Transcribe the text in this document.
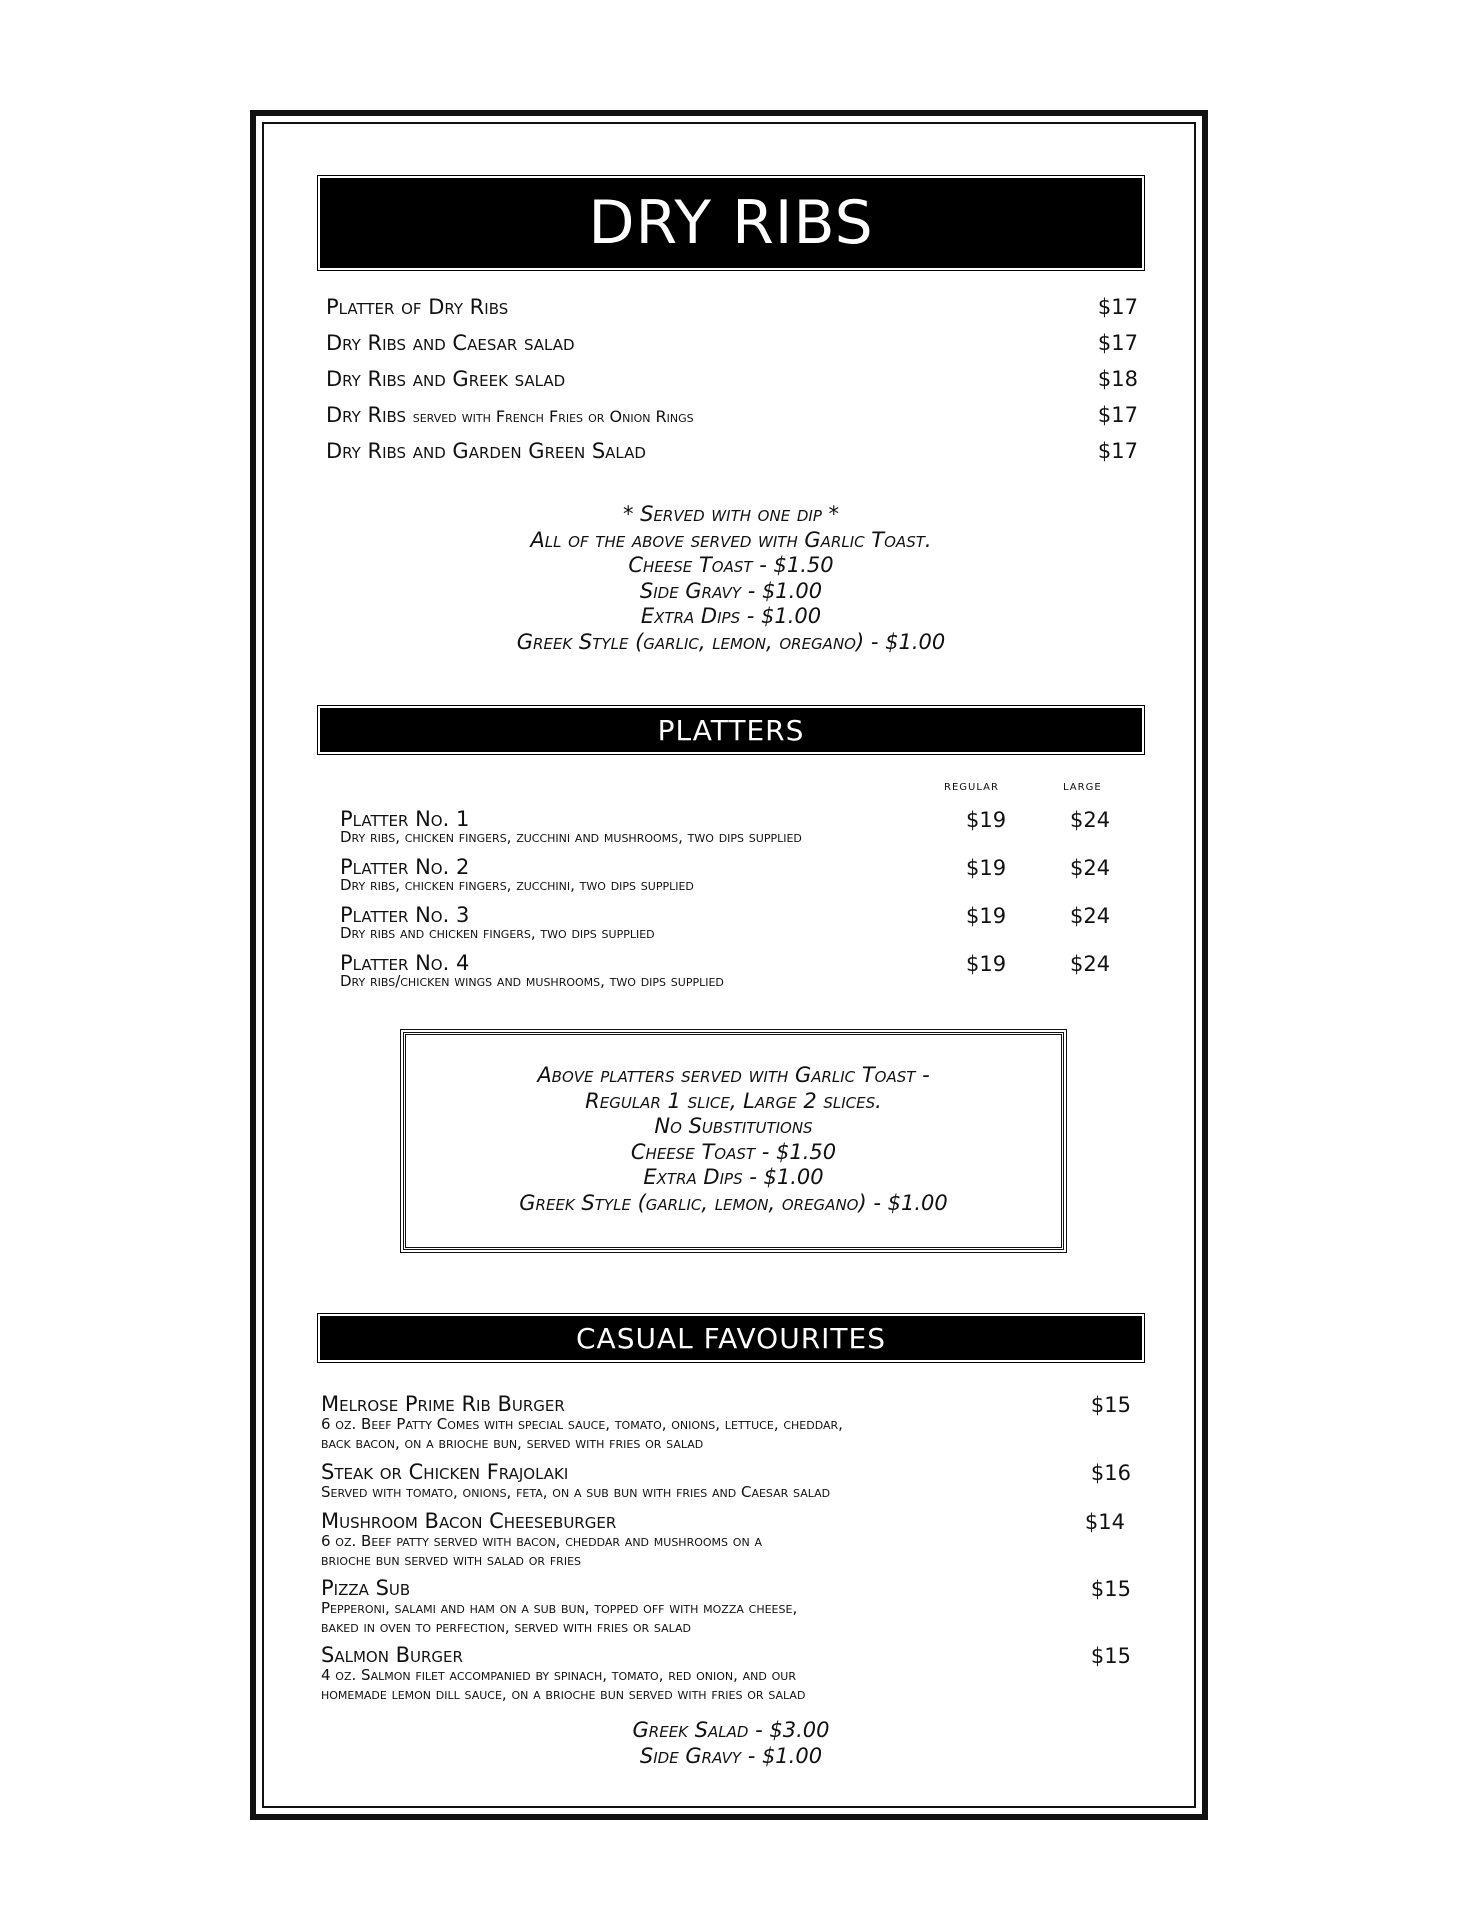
DRY RIBS
Platter of Dry Ribs	$17
Dry Ribs and Caesar salad	$17
Dry Ribs and Greek salad	$18
Dry Ribs served with French Fries or Onion Rings	$17
Dry Ribs and Garden Green Salad	$17
* Served with one dip *
All of the above served with Garlic Toast.
Cheese Toast - $1.50
Side Gravy - $1.00
Extra Dips - $1.00
Greek Style (garlic, lemon, oregano) - $1.00
PLATTERS
regular	large
Platter No. 1
Dry ribs, chicken fingers, zucchini and mushrooms, two dips supplied
$19	$24
Platter No. 2
Dry ribs, chicken fingers, zucchini, two dips supplied
$19	$24
Platter No. 3
Dry ribs and chicken fingers, two dips supplied
$19	$24
Platter No. 4
Dry ribs/chicken wings and mushrooms, two dips supplied
$19	$24
Above platters served with Garlic Toast -
Regular 1 slice, Large 2 slices.
No Substitutions
Cheese Toast - $1.50
Extra Dips - $1.00
Greek Style (garlic, lemon, oregano) - $1.00
CASUAL FAVOURITES
Melrose Prime Rib Burger
6 oz. Beef Patty Comes with special sauce, tomato, onions, lettuce, cheddar,
back bacon, on a brioche bun, served with fries or salad
$15
Steak or Chicken Frajolaki
Served with tomato, onions, feta, on a sub bun with fries and Caesar salad
$16
Mushroom Bacon Cheeseburger
6 oz. Beef patty served with bacon, cheddar and mushrooms on a
brioche bun served with salad or fries
$14
Pizza Sub
Pepperoni, salami and ham on a sub bun, topped off with mozza cheese,
baked in oven to perfection, served with fries or salad
$15
Salmon Burger
4 oz. Salmon filet accompanied by spinach, tomato, red onion, and our
homemade lemon dill sauce, on a brioche bun served with fries or salad
$15
Greek Salad - $3.00
Side Gravy - $1.00
